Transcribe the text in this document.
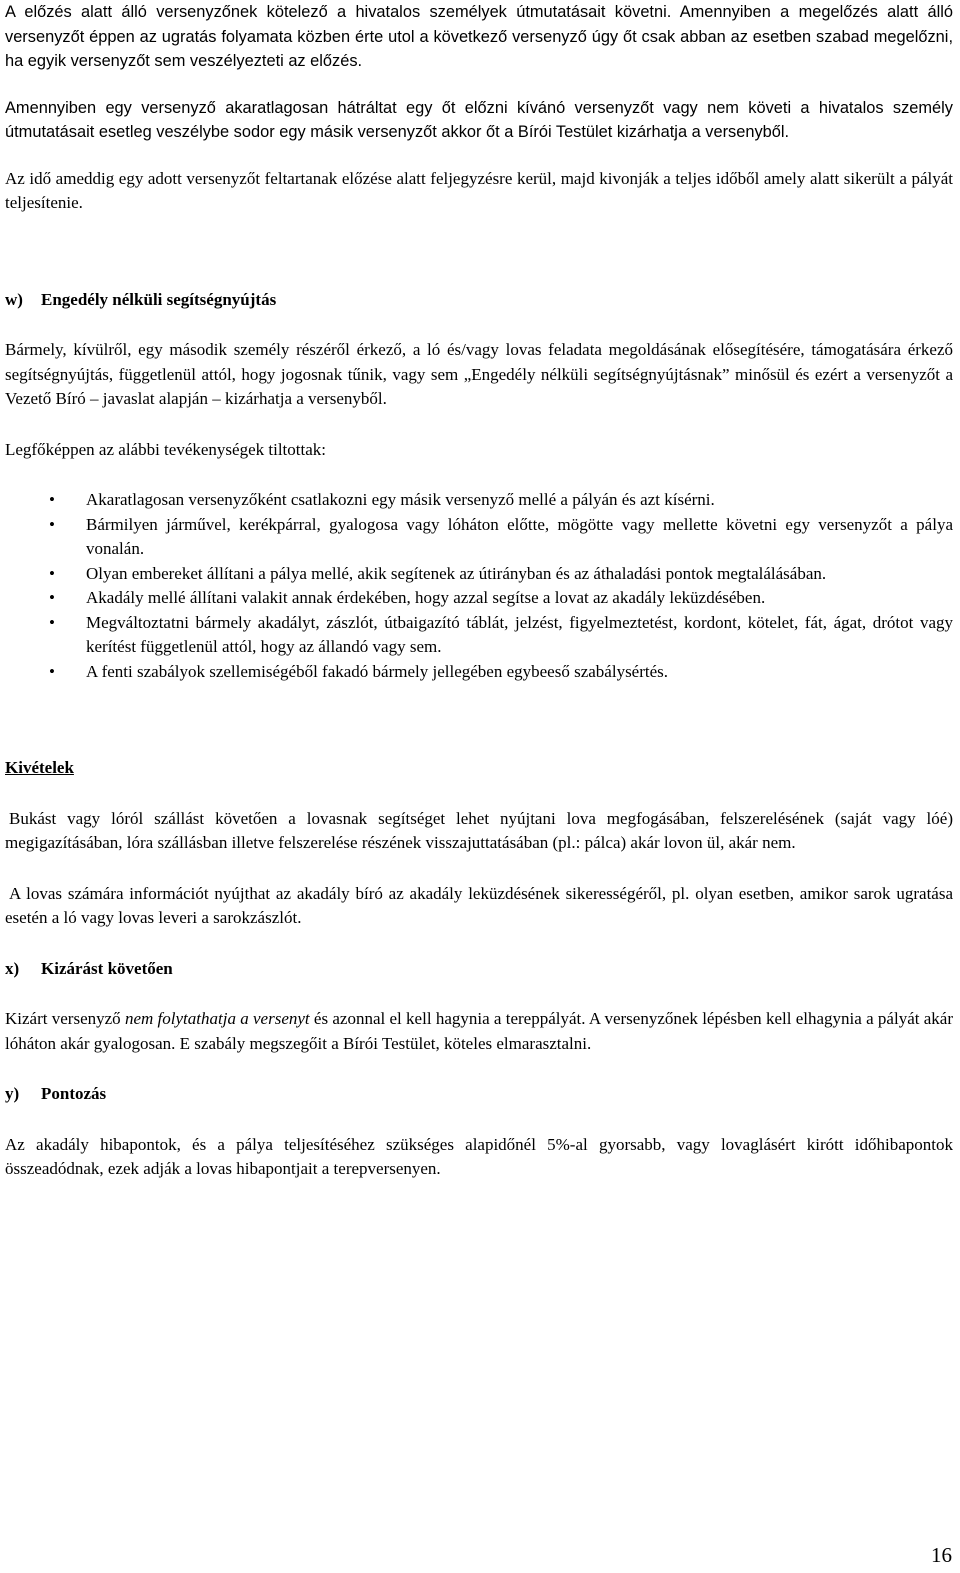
A előzés alatt álló versenyzőnek kötelező a hivatalos személyek útmutatásait követni. Amennyiben a megelőzés alatt álló versenyzőt éppen az ugratás folyamata közben érte utol a következő versenyző úgy őt csak abban az esetben szabad megelőzni, ha egyik versenyzőt sem veszélyezteti az előzés.

Amennyiben egy versenyző akaratlagosan hátráltat egy őt előzni kívánó versenyzőt vagy nem követi a hivatalos személy útmutatásait esetleg veszélybe sodor egy másik versenyzőt akkor őt a Bírói Testület kizárhatja a versenyből.

Az idő ameddig egy adott versenyzőt feltartanak előzése alatt feljegyzésre kerül, majd kivonják a teljes időből amely alatt sikerült a pályát teljesítenie.

w) Engedély nélküli segítségnyújtás

Bármely, kívülről, egy második személy részéről érkező, a ló és/vagy lovas feladata megoldásának elősegítésére, támogatására érkező segítségnyújtás, függetlenül attól, hogy jogosnak tűnik, vagy sem „Engedély nélküli segítségnyújtásnak” minősül és ezért a versenyzőt a Vezető Bíró – javaslat alapján – kizárhatja a versenyből.

Legfőképpen az alábbi tevékenységek tiltottak:

• Akaratlagosan versenyzőként csatlakozni egy másik versenyző mellé a pályán és azt kísérni.
• Bármilyen járművel, kerékpárral, gyalogosa vagy lóháton előtte, mögötte vagy mellette követni egy versenyzőt a pálya vonalán.
• Olyan embereket állítani a pálya mellé, akik segítenek az útirányban és az áthaladási pontok megtalálásában.
• Akadály mellé állítani valakit annak érdekében, hogy azzal segítse a lovat az akadály leküzdésében.
• Megváltoztatni bármely akadályt, zászlót, útbaigazító táblát, jelzést, figyelmeztetést, kordont, kötelet, fát, ágat, drótot vagy kerítést függetlenül attól, hogy az állandó vagy sem.
• A fenti szabályok szellemiségéből fakadó bármely jellegében egybeeső szabálysértés.

Kivételek

Bukást vagy lóról szállást követően a lovasnak segítséget lehet nyújtani lova megfogásában, felszerelésének (saját vagy lóé) megigazításában, lóra szállásban illetve felszerelése részének visszajuttatásában (pl.: pálca) akár lovon ül, akár nem.

A lovas számára információt nyújthat az akadály bíró az akadály leküzdésének sikerességéről, pl. olyan esetben, amikor sarok ugratása esetén a ló vagy lovas leveri a sarokzászlót.

x) Kizárást követően

Kizárt versenyző nem folytathatja a versenyt és azonnal el kell hagynia a tereppályát. A versenyzőnek lépésben kell elhagynia a pályát akár lóháton akár gyalogosan. E szabály megszegőit a Bírói Testület, köteles elmarasztalni.

y) Pontozás

Az akadály hibapontok, és a pálya teljesítéséhez szükséges alapidőnél 5%-al gyorsabb, vagy lovaglásért kirótt időhibapontok összeadódnak, ezek adják a lovas hibapontjait a terepversenyen.

16
